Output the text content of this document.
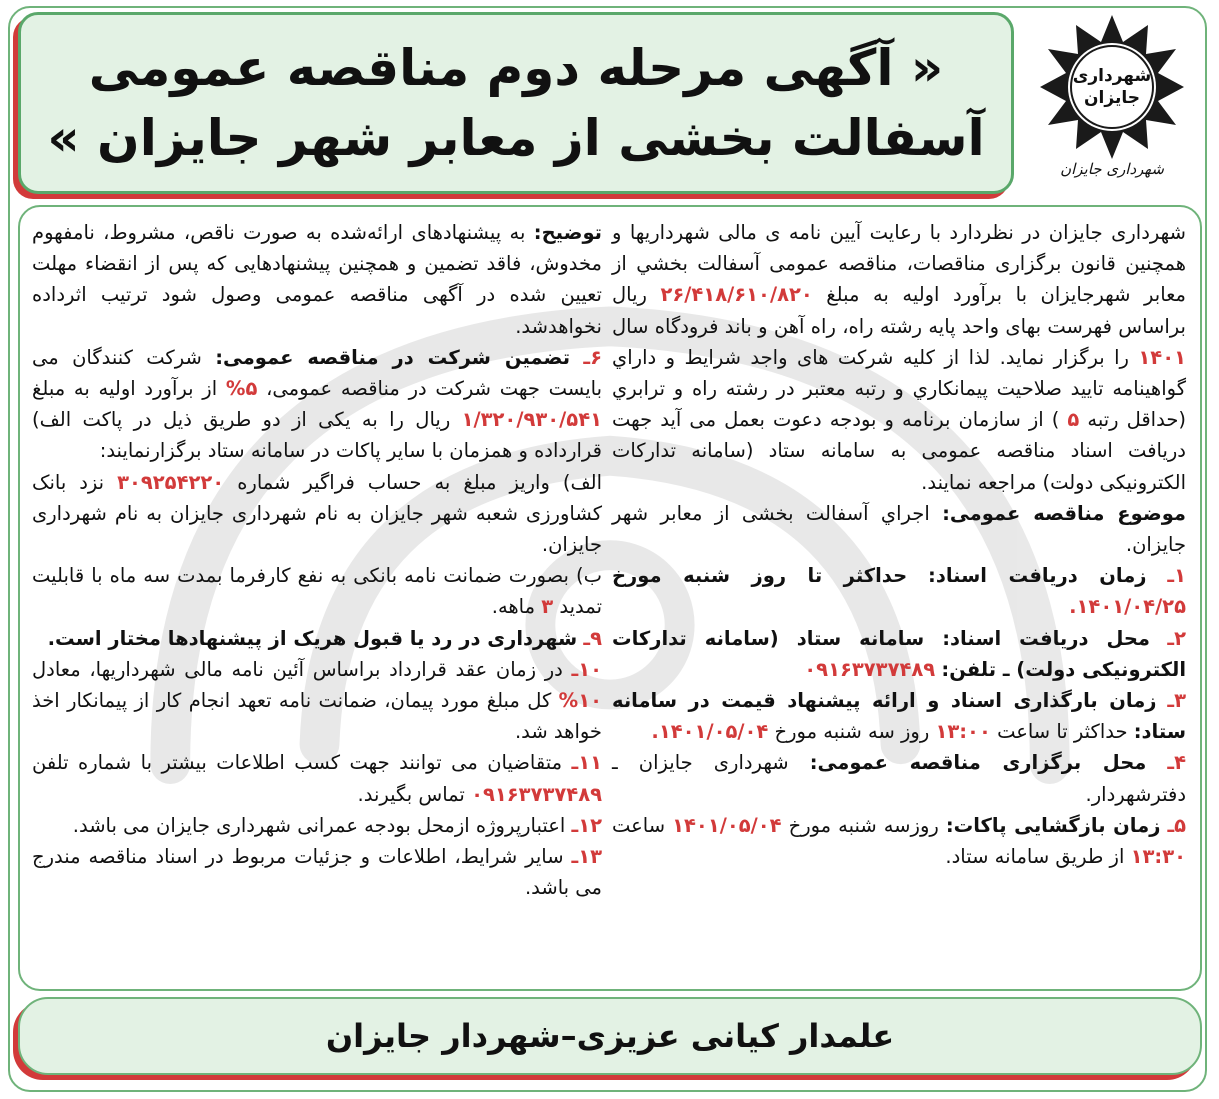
شهرداری
جایزان
شهرداری جایزان
« آگهی مرحله دوم مناقصه عمومی
آسفالت بخشی از معابر شهر جایزان »

شهرداری جایزان در نظردارد با رعایت آیین نامه ی مالی شهرداریها و همچنین قانون برگزاری مناقصات، مناقصه عمومی آسفالت بخشي از معابر شهرجایزان با برآورد اولیه به مبلغ ۲۶/۴۱۸/۶۱۰/۸۲۰ ریال براساس فهرست بهای واحد پایه رشته راه، راه آهن و باند فرودگاه سال ۱۴۰۱ را برگزار نماید. لذا از کلیه شرکت های واجد شرایط و داراي گواهینامه تایید صلاحیت پیمانکاري و رتبه معتبر در رشته راه و ترابري (حداقل رتبه ۵ ) از سازمان برنامه و بودجه دعوت بعمل می آید جهت دریافت اسناد مناقصه عمومی به سامانه ستاد (سامانه تدارکات الکترونیکی دولت) مراجعه نمایند.

موضوع مناقصه عمومی: اجراي آسفالت بخشی از معابر شهر جایزان.

۱ـ زمان دریافت اسناد: حداکثر تا روز شنبه مورخ ۱۴۰۱/۰۴/۲۵.

۲ـ محل دریافت اسناد: سامانه ستاد (سامانه تدارکات الکترونیکی دولت) ـ تلفن: ۰۹۱۶۳۷۳۷۴۸۹

۳ـ زمان بارگذاری اسناد و ارائه پیشنهاد قیمت در سامانه ستاد: حداکثر تا ساعت ۱۳:۰۰ روز سه شنبه مورخ ۱۴۰۱/۰۵/۰۴.

۴ـ محل برگزاری مناقصه عمومی: شهرداری جایزان ـ دفترشهردار.

۵ـ زمان بازگشایی پاکات: روزسه شنبه مورخ ۱۴۰۱/۰۵/۰۴ ساعت ۱۳:۳۰ از طریق سامانه ستاد.

توضیح: به پیشنهادهای ارائه‌شده به صورت ناقص، مشروط، نامفهوم مخدوش، فاقد تضمین و همچنین پیشنهادهایی که پس از انقضاء مهلت تعیین شده در آگهی مناقصه عمومی وصول شود ترتیب اثرداده نخواهدشد.

۶ـ تضمین شرکت در مناقصه عمومی: شرکت کنندگان می بایست جهت شرکت در مناقصه عمومی، ۵% از برآورد اولیه به مبلغ ۱/۳۲۰/۹۳۰/۵۴۱ ریال را به یکی از دو طریق ذیل در پاکت الف) قرارداده و همزمان با سایر پاکات در سامانه ستاد برگزارنمایند:

الف) واریز مبلغ به حساب فراگیر شماره ۳۰۹۲۵۴۲۲۰ نزد بانک کشاورزی شعبه شهر جایزان به نام شهرداری جایزان به نام شهرداری جایزان.

ب) بصورت ضمانت نامه بانکی به نفع کارفرما بمدت سه ماه با قابلیت تمدید ۳ ماهه.

۹ـ شهرداری در رد یا قبول هریک از پیشنهادها مختار است.

۱۰ـ در زمان عقد قرارداد براساس آئین نامه مالی شهرداریها، معادل ۱۰% کل مبلغ مورد پیمان، ضمانت نامه تعهد انجام کار از پیمانکار اخذ خواهد شد.

۱۱ـ متقاضیان می توانند جهت کسب اطلاعات بیشتر با شماره تلفن ۰۹۱۶۳۷۳۷۴۸۹ تماس بگیرند.

۱۲ـ اعتبارپروژه ازمحل بودجه عمرانی شهرداری جایزان می باشد.

۱۳ـ سایر شرایط، اطلاعات و جزئیات مربوط در اسناد مناقصه مندرج می باشد.

علمدار کیانی عزیزی–شهردار جایزان
